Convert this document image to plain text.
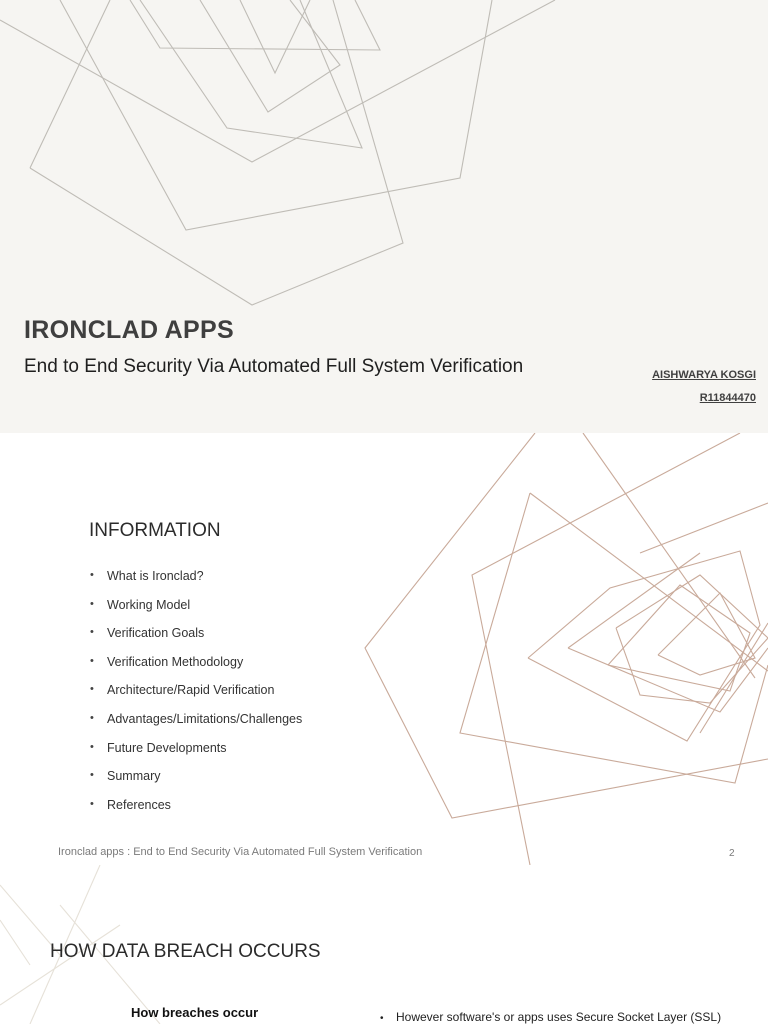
IRONCLAD APPS

End to End Security Via Automated Full System Verification	AISHWARYA KOSGI
R11844470
INFORMATION
• What is Ironclad?
• Working Model
• Verification Goals
• Verification Methodology
• Architecture/Rapid Verification
• Advantages/Limitations/Challenges
• Future Developments
• Summary
• References
Ironclad apps : End to End Security Via Automated Full System Verification	2
HOW DATA BREACH OCCURS
How breaches occur	• However software's or apps uses Secure Socket Layer (SSL)
